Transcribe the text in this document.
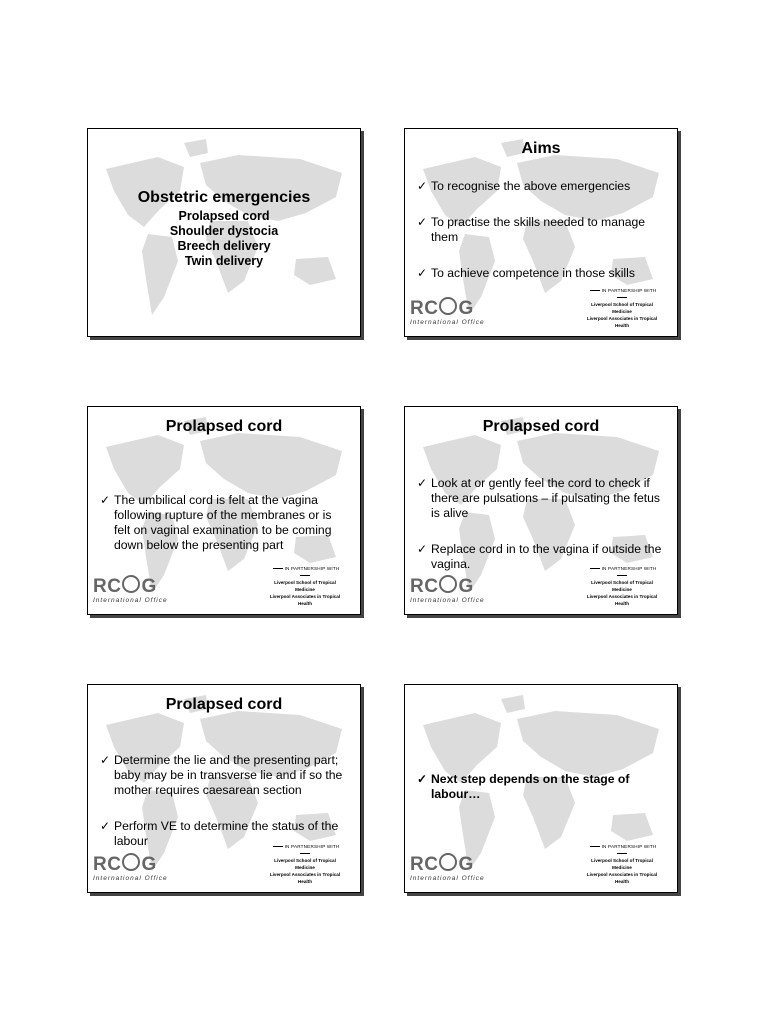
Obstetric emergencies
Prolapsed cord
Shoulder dystocia
Breech delivery
Twin delivery
Aims
✓ To recognise the above emergencies
✓ To practise the skills needed to manage them
✓ To achieve competence in those skills
RC G
International Office
IN PARTNERSHIP WITH
Liverpool School of Tropical Medicine
Liverpool Associates in Tropical Health
Prolapsed cord
✓ The umbilical cord is felt at the vagina following rupture of the membranes or is felt on vaginal examination to be coming down below the presenting part
RC G
International Office
IN PARTNERSHIP WITH
Liverpool School of Tropical Medicine
Liverpool Associates in Tropical Health
Prolapsed cord
✓ Look at or gently feel the cord to check if there are pulsations – if pulsating the fetus is alive
✓ Replace cord in to the vagina if outside the vagina.
RC G
International Office
IN PARTNERSHIP WITH
Liverpool School of Tropical Medicine
Liverpool Associates in Tropical Health
Prolapsed cord
✓ Determine the lie and the presenting part; baby may be in transverse lie and if so the mother requires caesarean section
✓ Perform VE to determine the status of the labour
RC G
International Office
IN PARTNERSHIP WITH
Liverpool School of Tropical Medicine
Liverpool Associates in Tropical Health
✓ Next step depends on the stage of labour…
RC G
International Office
IN PARTNERSHIP WITH
Liverpool School of Tropical Medicine
Liverpool Associates in Tropical Health
